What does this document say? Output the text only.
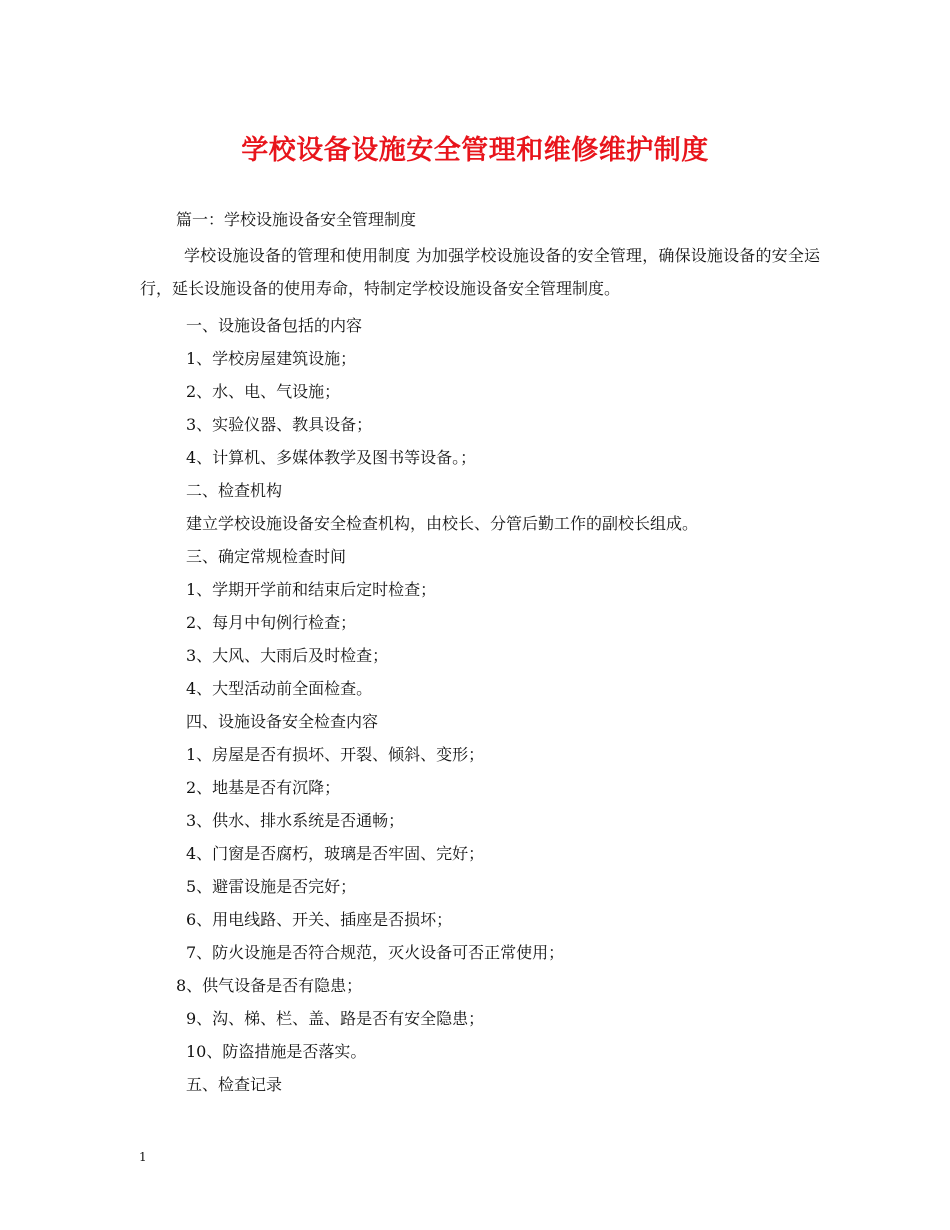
学校设备设施安全管理和维修维护制度
篇一：学校设施设备安全管理制度
学校设施设备的管理和使用制度 为加强学校设施设备的安全管理，确保设施设备的安全运行，延长设施设备的使用寿命，特制定学校设施设备安全管理制度。
一、设施设备包括的内容
1、学校房屋建筑设施；
2、水、电、气设施；
3、实验仪器、教具设备；
4、计算机、多媒体教学及图书等设备。；
二、检查机构
建立学校设施设备安全检查机构，由校长、分管后勤工作的副校长组成。
三、确定常规检查时间
1、学期开学前和结束后定时检查；
2、每月中旬例行检查；
3、大风、大雨后及时检查；
4、大型活动前全面检查。
四、设施设备安全检查内容
1、房屋是否有损坏、开裂、倾斜、变形；
2、地基是否有沉降；
3、供水、排水系统是否通畅；
4、门窗是否腐朽，玻璃是否牢固、完好；
5、避雷设施是否完好；
6、用电线路、开关、插座是否损坏；
7、防火设施是否符合规范，灭火设备可否正常使用；
8、供气设备是否有隐患；
9、沟、梯、栏、盖、路是否有安全隐患；
10、防盗措施是否落实。
五、检查记录
1
